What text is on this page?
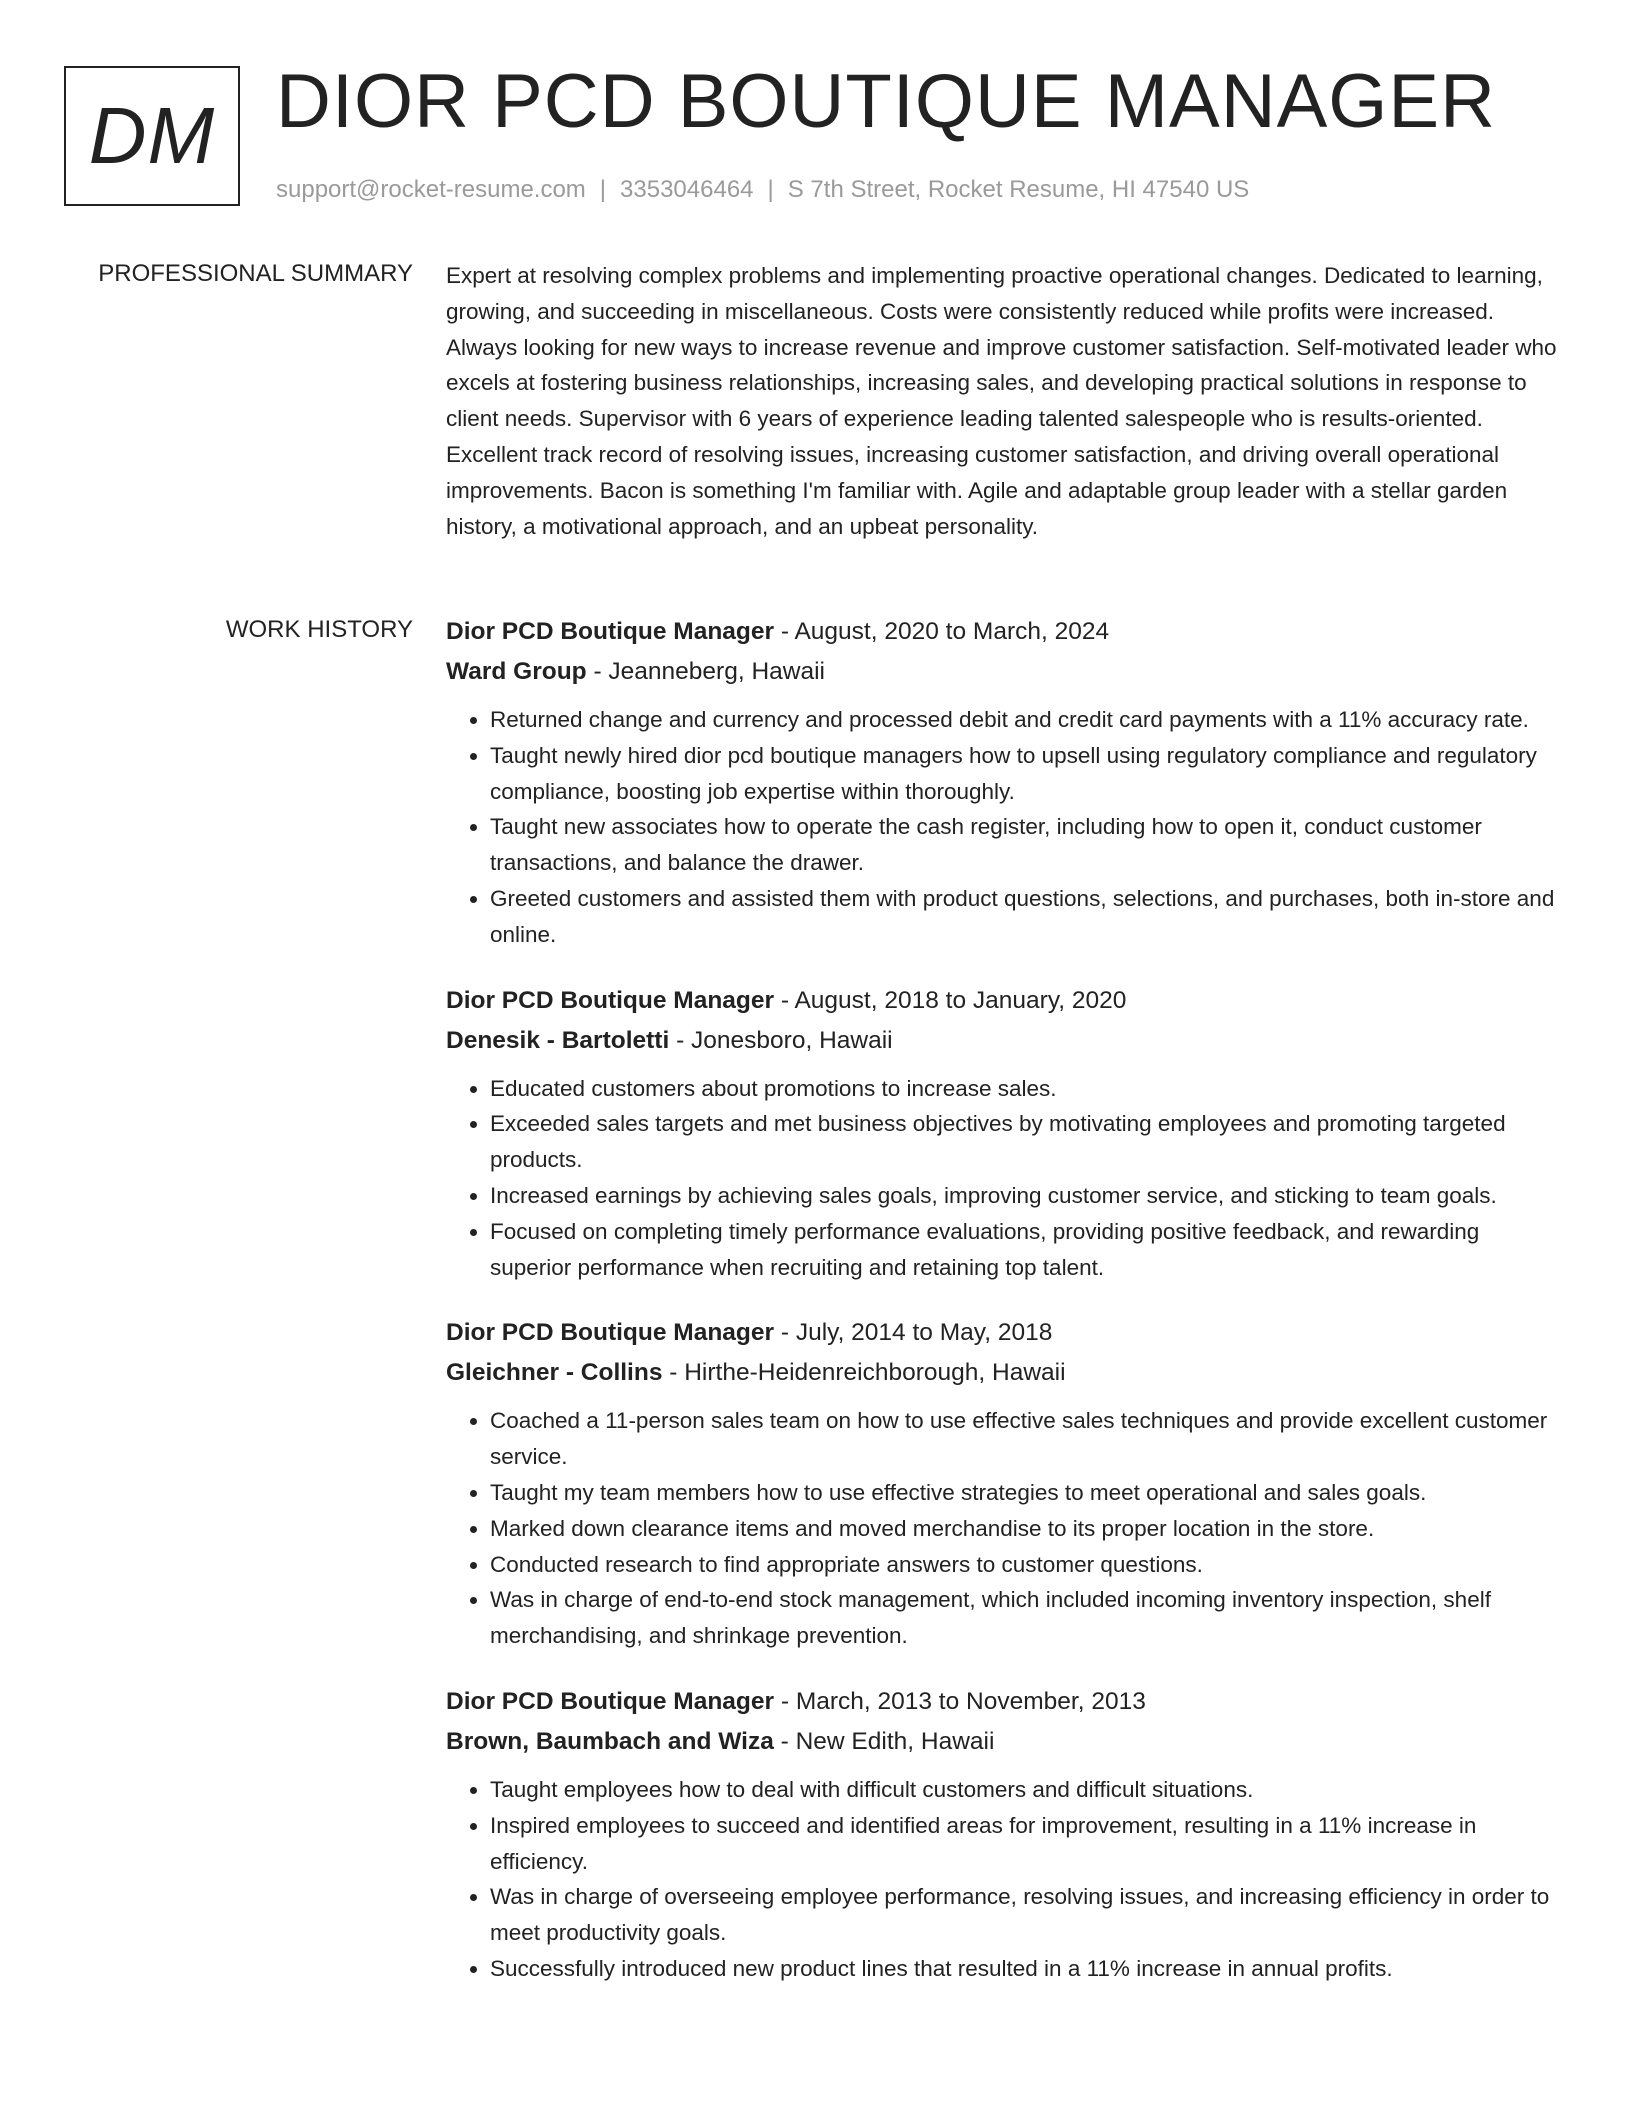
DM DIOR PCD BOUTIQUE MANAGER
support@rocket-resume.com | 3353046464 | S 7th Street, Rocket Resume, HI 47540 US
PROFESSIONAL SUMMARY Expert at resolving complex problems and implementing proactive operational changes. Dedicated to learning, growing, and succeeding in miscellaneous. Costs were consistently reduced while profits were increased. Always looking for new ways to increase revenue and improve customer satisfaction. Self-motivated leader who excels at fostering business relationships, increasing sales, and developing practical solutions in response to client needs. Supervisor with 6 years of experience leading talented salespeople who is results-oriented. Excellent track record of resolving issues, increasing customer satisfaction, and driving overall operational improvements. Bacon is something I'm familiar with. Agile and adaptable group leader with a stellar garden history, a motivational approach, and an upbeat personality.

WORK HISTORY Dior PCD Boutique Manager - August, 2020 to March, 2024
Ward Group - Jeanneberg, Hawaii
• Returned change and currency and processed debit and credit card payments with a 11% accuracy rate.
• Taught newly hired dior pcd boutique managers how to upsell using regulatory compliance and regulatory compliance, boosting job expertise within thoroughly.
• Taught new associates how to operate the cash register, including how to open it, conduct customer transactions, and balance the drawer.
• Greeted customers and assisted them with product questions, selections, and purchases, both in-store and online.
Dior PCD Boutique Manager - August, 2018 to January, 2020
Denesik - Bartoletti - Jonesboro, Hawaii
• Educated customers about promotions to increase sales.
• Exceeded sales targets and met business objectives by motivating employees and promoting targeted products.
• Increased earnings by achieving sales goals, improving customer service, and sticking to team goals.
• Focused on completing timely performance evaluations, providing positive feedback, and rewarding superior performance when recruiting and retaining top talent.
Dior PCD Boutique Manager - July, 2014 to May, 2018
Gleichner - Collins - Hirthe-Heidenreichborough, Hawaii
• Coached a 11-person sales team on how to use effective sales techniques and provide excellent customer service.
• Taught my team members how to use effective strategies to meet operational and sales goals.
• Marked down clearance items and moved merchandise to its proper location in the store.
• Conducted research to find appropriate answers to customer questions.
• Was in charge of end-to-end stock management, which included incoming inventory inspection, shelf merchandising, and shrinkage prevention.
Dior PCD Boutique Manager - March, 2013 to November, 2013
Brown, Baumbach and Wiza - New Edith, Hawaii
• Taught employees how to deal with difficult customers and difficult situations.
• Inspired employees to succeed and identified areas for improvement, resulting in a 11% increase in efficiency.
• Was in charge of overseeing employee performance, resolving issues, and increasing efficiency in order to meet productivity goals.
• Successfully introduced new product lines that resulted in a 11% increase in annual profits.
